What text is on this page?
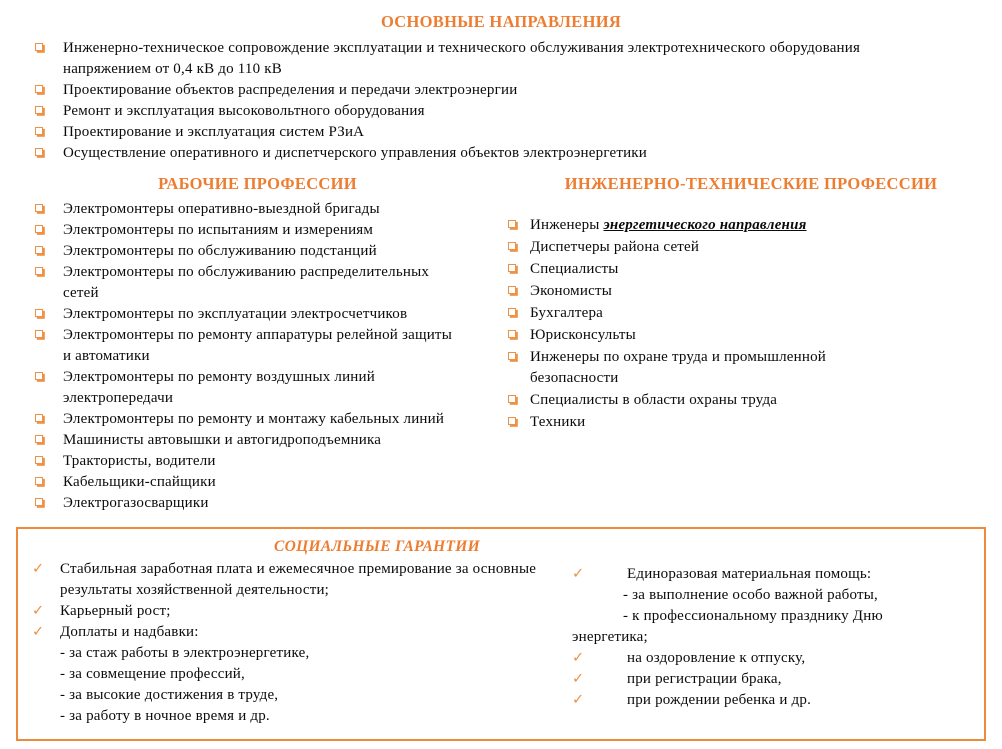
ОСНОВНЫЕ НАПРАВЛЕНИЯ
Инженерно-техническое сопровождение эксплуатации и технического обслуживания электротехнического оборудования напряжением от 0,4 кВ до 110 кВ
Проектирование объектов распределения и передачи электроэнергии
Ремонт и эксплуатация высоковольтного оборудования
Проектирование и эксплуатация систем РЗиА
Осуществление оперативного и диспетчерского управления объектов электроэнергетики
РАБОЧИЕ ПРОФЕССИИ
Электромонтеры оперативно-выездной бригады
Электромонтеры по испытаниям и измерениям
Электромонтеры по обслуживанию подстанций
Электромонтеры по обслуживанию распределительных сетей
Электромонтеры по эксплуатации электросчетчиков
Электромонтеры по ремонту аппаратуры релейной защиты и автоматики
Электромонтеры по ремонту воздушных линий электропередачи
Электромонтеры по ремонту и монтажу кабельных линий
Машинисты автовышки и автогидроподъемника
Трактористы, водители
Кабельщики-спайщики
Электрогазосварщики
ИНЖЕНЕРНО-ТЕХНИЧЕСКИЕ ПРОФЕССИИ
Инженеры энергетического направления
Диспетчеры района сетей
Специалисты
Экономисты
Бухгалтера
Юрисконсульты
Инженеры по охране труда и промышленной безопасности
Специалисты в области охраны труда
Техники
СОЦИАЛЬНЫЕ ГАРАНТИИ
✓ Стабильная заработная плата и ежемесячное премирование за основные результаты хозяйственной деятельности;
✓ Карьерный рост;
✓ Доплаты и надбавки:
- за стаж работы в электроэнергетике,
- за совмещение профессий,
- за высокие достижения в труде,
- за работу в ночное время и др.
✓	Единоразовая материальная помощь:
- за выполнение особо важной работы,
- к профессиональному празднику Дню
энергетика;
✓	на оздоровление к отпуску,
✓	при регистрации брака,
✓	при рождении ребенка и др.
